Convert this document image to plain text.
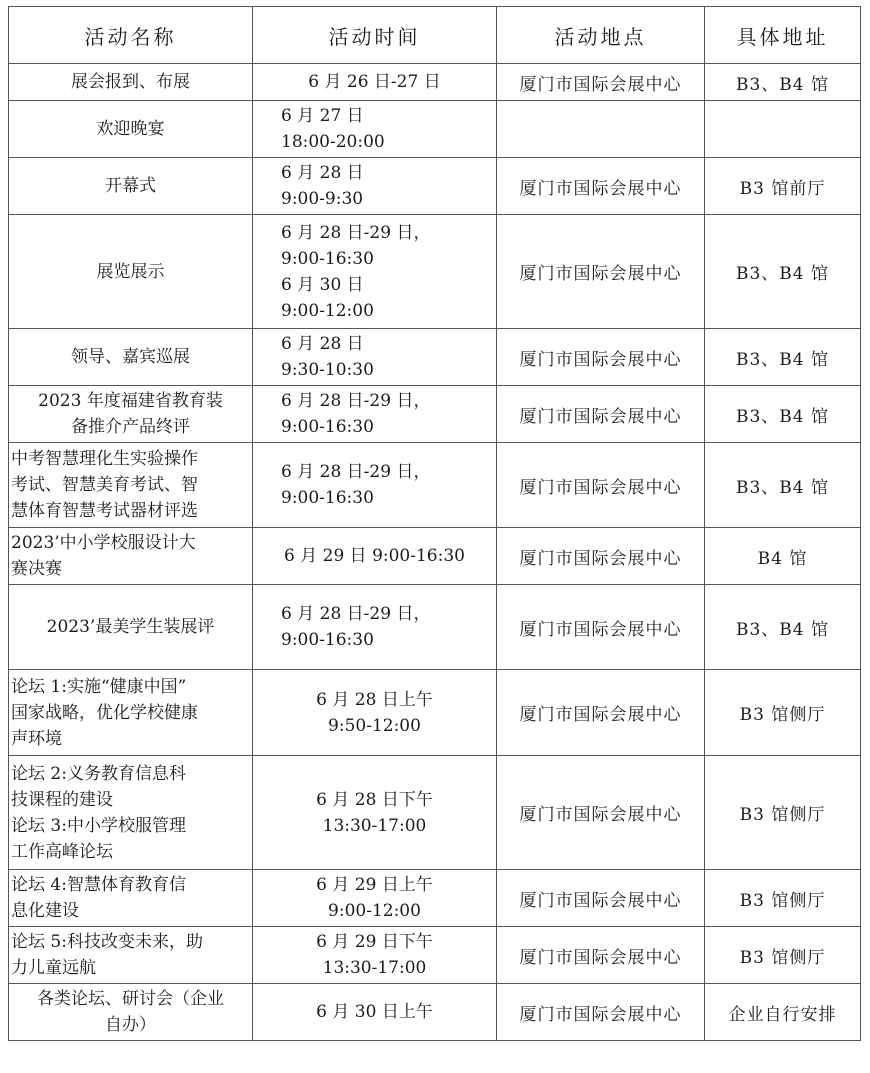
活动名称	活动时间	活动地点	具体地址

展会报到、布展	6 月 26 日-27 日	厦门市国际会展中心	B3、B4 馆

欢迎晚宴	6 月 27 日
18:00-20:00		

开幕式	6 月 28 日
9:00-9:30	厦门市国际会展中心	B3 馆前厅

展览展示	6 月 28 日-29 日，
9:00-16:30
6 月 30 日
9:00-12:00	厦门市国际会展中心	B3、B4 馆

领导、嘉宾巡展	6 月 28 日
9:30-10:30	厦门市国际会展中心	B3、B4 馆

2023 年度福建省教育装
备推介产品终评	6 月 28 日-29 日，
9:00-16:30	厦门市国际会展中心	B3、B4 馆

中考智慧理化生实验操作
考试、智慧美育考试、智
慧体育智慧考试器材评选	6 月 28 日-29 日，
9:00-16:30	厦门市国际会展中心	B3、B4 馆

2023’中小学校服设计大
赛决赛	6 月 29 日 9:00-16:30	厦门市国际会展中心	B4 馆

2023’最美学生装展评	6 月 28 日-29 日，
9:00-16:30	厦门市国际会展中心	B3、B4 馆

论坛 1:实施“健康中国”
国家战略，优化学校健康
声环境	6 月 28 日上午
9:50-12:00	厦门市国际会展中心	B3 馆侧厅

论坛 2:义务教育信息科
技课程的建设
论坛 3:中小学校服管理
工作高峰论坛	6 月 28 日下午
13:30-17:00	厦门市国际会展中心	B3 馆侧厅

论坛 4:智慧体育教育信
息化建设	6 月 29 日上午
9:00-12:00	厦门市国际会展中心	B3 馆侧厅

论坛 5:科技改变未来，助
力儿童远航	6 月 29 日下午
13:30-17:00	厦门市国际会展中心	B3 馆侧厅

各类论坛、研讨会（企业
自办）	6 月 30 日上午	厦门市国际会展中心	企业自行安排
